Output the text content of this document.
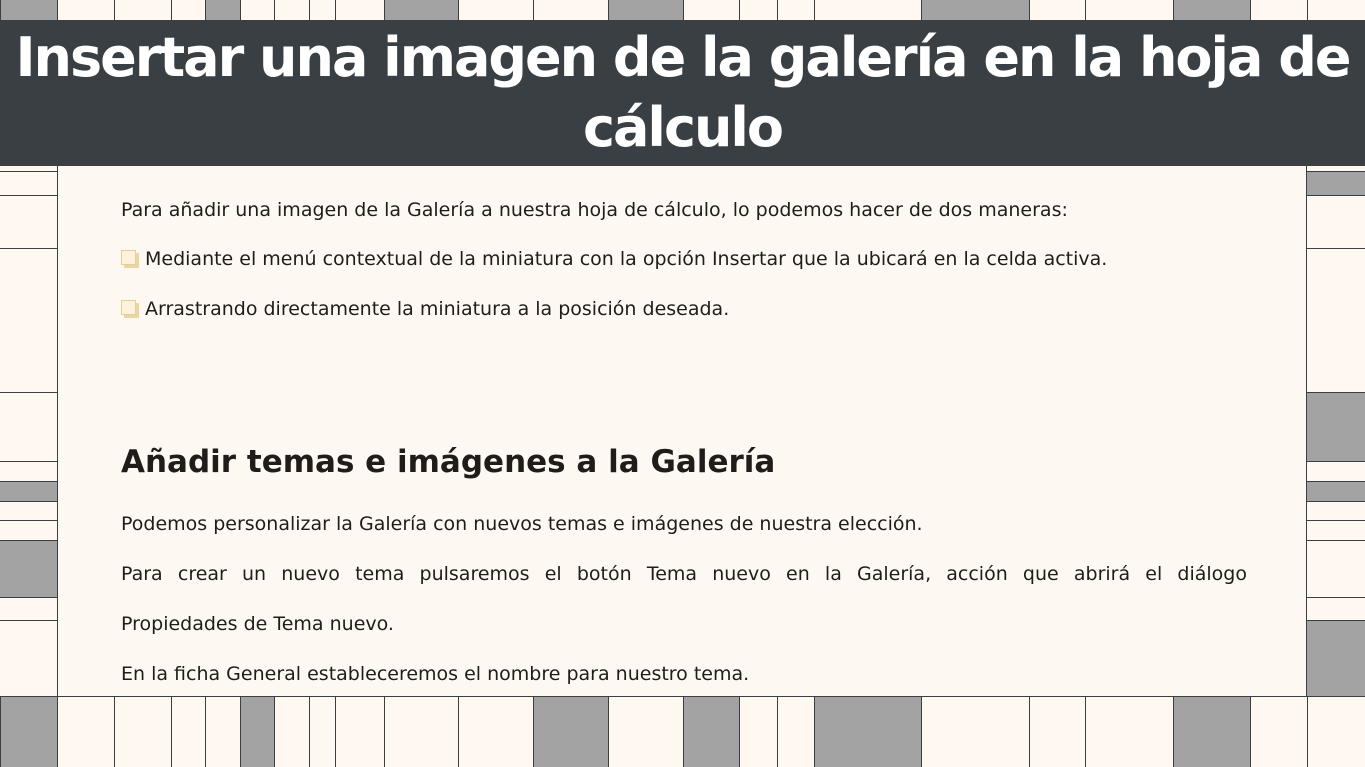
Insertar una imagen de la galería en la hoja de cálculo

Para añadir una imagen de la Galería a nuestra hoja de cálculo, lo podemos hacer de dos maneras:

Mediante el menú contextual de la miniatura con la opción Insertar que la ubicará en la celda activa.
Arrastrando directamente la miniatura a la posición deseada.
Añadir temas e imágenes a la Galería

Podemos personalizar la Galería con nuevos temas e imágenes de nuestra elección.

Para crear un nuevo tema pulsaremos el botón Tema nuevo en la Galería, acción que abrirá el diálogo

Propiedades de Tema nuevo.

En la ficha General estableceremos el nombre para nuestro tema.
